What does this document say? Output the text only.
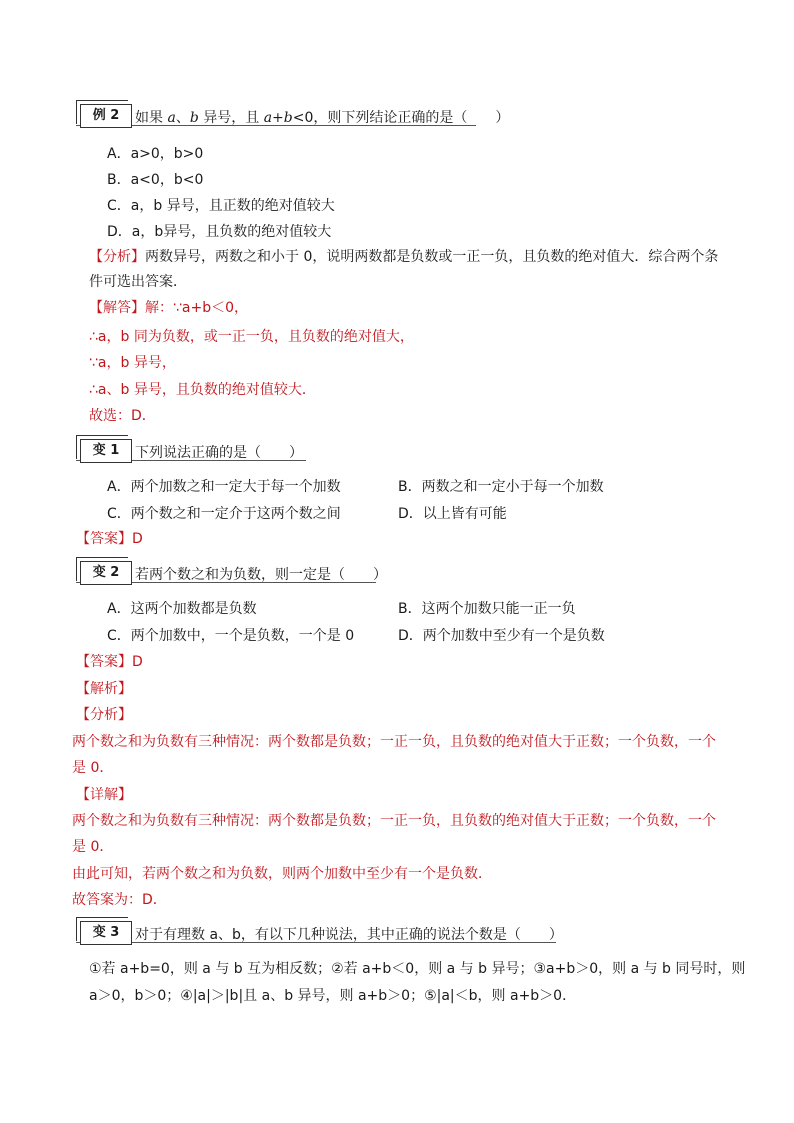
例 2	如果 a、b 异号，且 a+b<0，则下列结论正确的是（　　）
A．a>0，b>0
B．a<0，b<0
C．a，b 异号，且正数的绝对值较大
D．a，b异号，且负数的绝对值较大
【分析】两数异号，两数之和小于 0，说明两数都是负数或一正一负，且负数的绝对值大．综合两个条
件可选出答案．
【解答】解：∵a+b＜0，
∴a，b 同为负数，或一正一负，且负数的绝对值大，
∵a，b 异号，
∴a、b 异号，且负数的绝对值较大．
故选：D．
变 1	下列说法正确的是（　　）
A．两个加数之和一定大于每一个加数	B．两数之和一定小于每一个加数
C．两个数之和一定介于这两个数之间	D．以上皆有可能
【答案】D
变 2	若两个数之和为负数，则一定是（　　）
A．这两个加数都是负数	B．这两个加数只能一正一负
C．两个加数中，一个是负数，一个是 0	D．两个加数中至少有一个是负数
【答案】D
【解析】
【分析】
两个数之和为负数有三种情况：两个数都是负数；一正一负，且负数的绝对值大于正数；一个负数，一个
是 0．
【详解】
两个数之和为负数有三种情况：两个数都是负数；一正一负，且负数的绝对值大于正数；一个负数，一个
是 0．
由此可知，若两个数之和为负数，则两个加数中至少有一个是负数．
故答案为：D．
变 3	对于有理数 a、b，有以下几种说法，其中正确的说法个数是（　　）
①若 a+b=0，则 a 与 b 互为相反数；②若 a+b＜0，则 a 与 b 异号；③a+b＞0，则 a 与 b 同号时，则
a＞0，b＞0；④|a|＞|b|且 a、b 异号，则 a+b＞0；⑤|a|＜b，则 a+b＞0．
